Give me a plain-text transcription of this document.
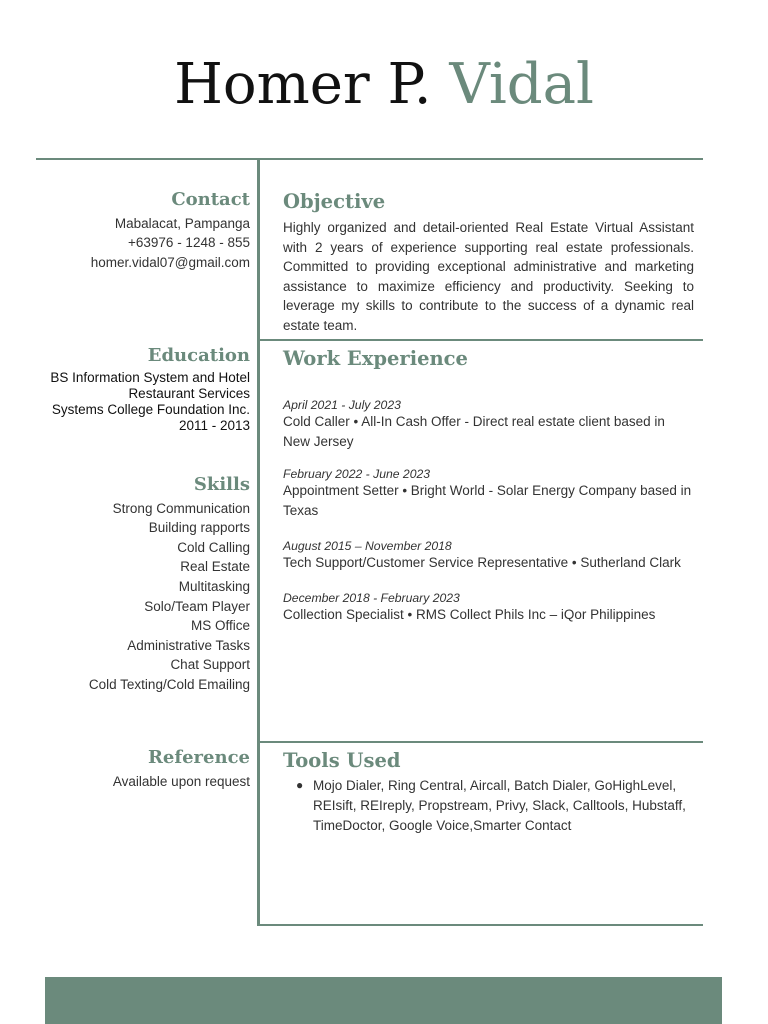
Homer P. Vidal
Contact
Mabalacat, Pampanga
+63976 - 1248 - 855
homer.vidal07@gmail.com
Education
BS Information System and Hotel
Restaurant Services
Systems College Foundation Inc.
2011 - 2013
Skills
Strong Communication
Building rapports
Cold Calling
Real Estate
Multitasking
Solo/Team Player
MS Office
Administrative Tasks
Chat Support
Cold Texting/Cold Emailing
Reference
Available upon request
Objective
Highly organized and detail-oriented Real Estate Virtual Assistant with 2 years of experience supporting real estate professionals. Committed to providing exceptional administrative and marketing assistance to maximize efficiency and productivity. Seeking to leverage my skills to contribute to the success of a dynamic real estate team.
Work Experience
April 2021 - July 2023
Cold Caller • All-In Cash Offer - Direct real estate client based in New Jersey
February 2022 - June 2023
Appointment Setter • Bright World - Solar Energy Company based in Texas
August 2015 – November 2018
Tech Support/Customer Service Representative • Sutherland Clark
December 2018 - February 2023
Collection Specialist • RMS Collect Phils Inc – iQor Philippines
Tools Used
● Mojo Dialer, Ring Central, Aircall, Batch Dialer, GoHighLevel, REIsift, REIreply, Propstream, Privy, Slack, Calltools, Hubstaff, TimeDoctor, Google Voice,Smarter Contact
